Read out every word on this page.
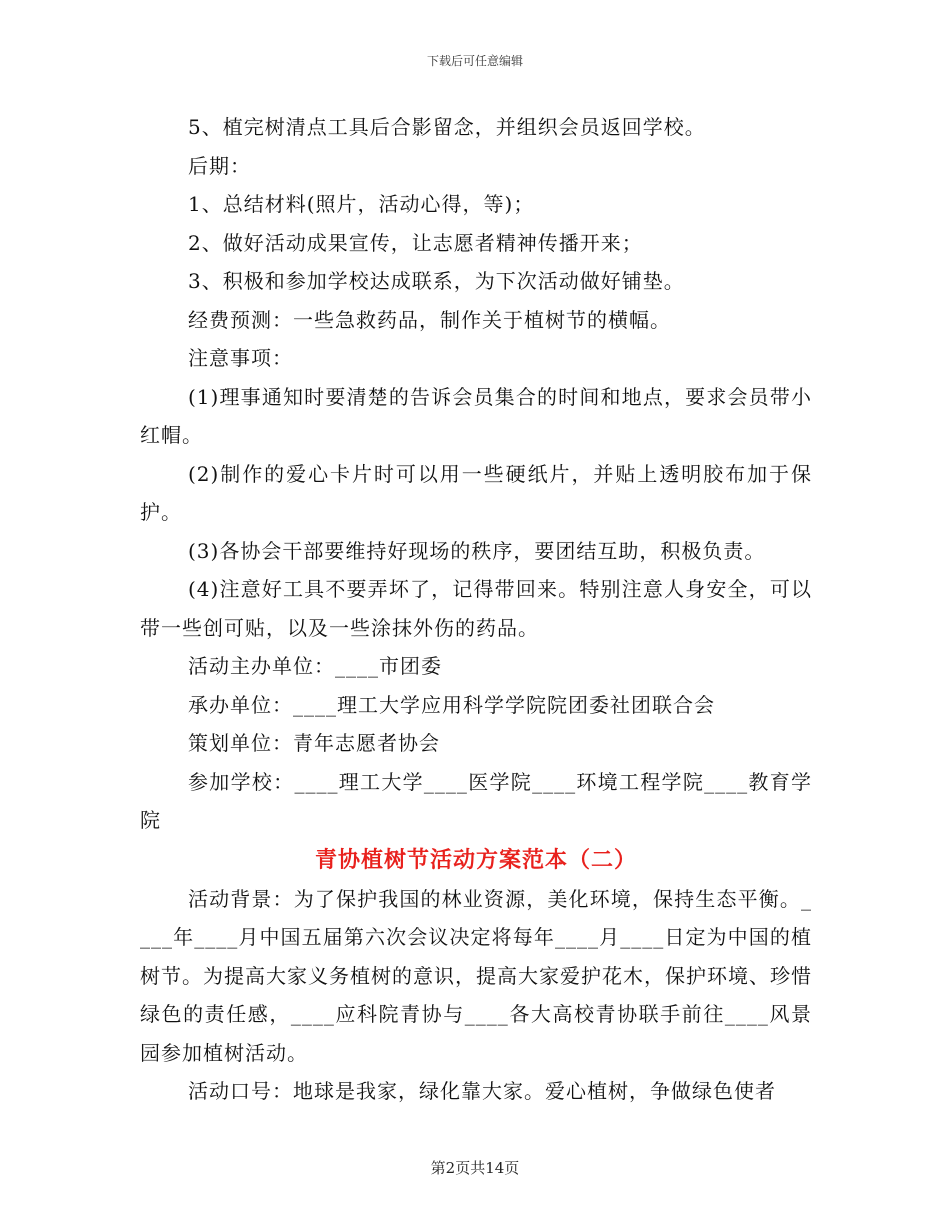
下载后可任意编辑

5、植完树清点工具后合影留念，并组织会员返回学校。

后期：

1、总结材料(照片，活动心得，等)；

2、做好活动成果宣传，让志愿者精神传播开来；

3、积极和参加学校达成联系，为下次活动做好铺垫。

经费预测：一些急救药品，制作关于植树节的横幅。

注意事项：

(1)理事通知时要清楚的告诉会员集合的时间和地点，要求会员带小红帽。

(2)制作的爱心卡片时可以用一些硬纸片，并贴上透明胶布加于保护。

(3)各协会干部要维持好现场的秩序，要团结互助，积极负责。

(4)注意好工具不要弄坏了，记得带回来。特别注意人身安全，可以带一些创可贴，以及一些涂抹外伤的药品。

活动主办单位：____市团委

承办单位：____理工大学应用科学学院院团委社团联合会

策划单位：青年志愿者协会

参加学校：____理工大学____医学院____环境工程学院____教育学院

青协植树节活动方案范本（二）

活动背景：为了保护我国的林业资源，美化环境，保持生态平衡。____年____月中国五届第六次会议决定将每年____月____日定为中国的植树节。为提高大家义务植树的意识，提高大家爱护花木，保护环境、珍惜绿色的责任感，____应科院青协与____各大高校青协联手前往____风景园参加植树活动。

活动口号：地球是我家，绿化靠大家。爱心植树，争做绿色使者

第2页共14页
